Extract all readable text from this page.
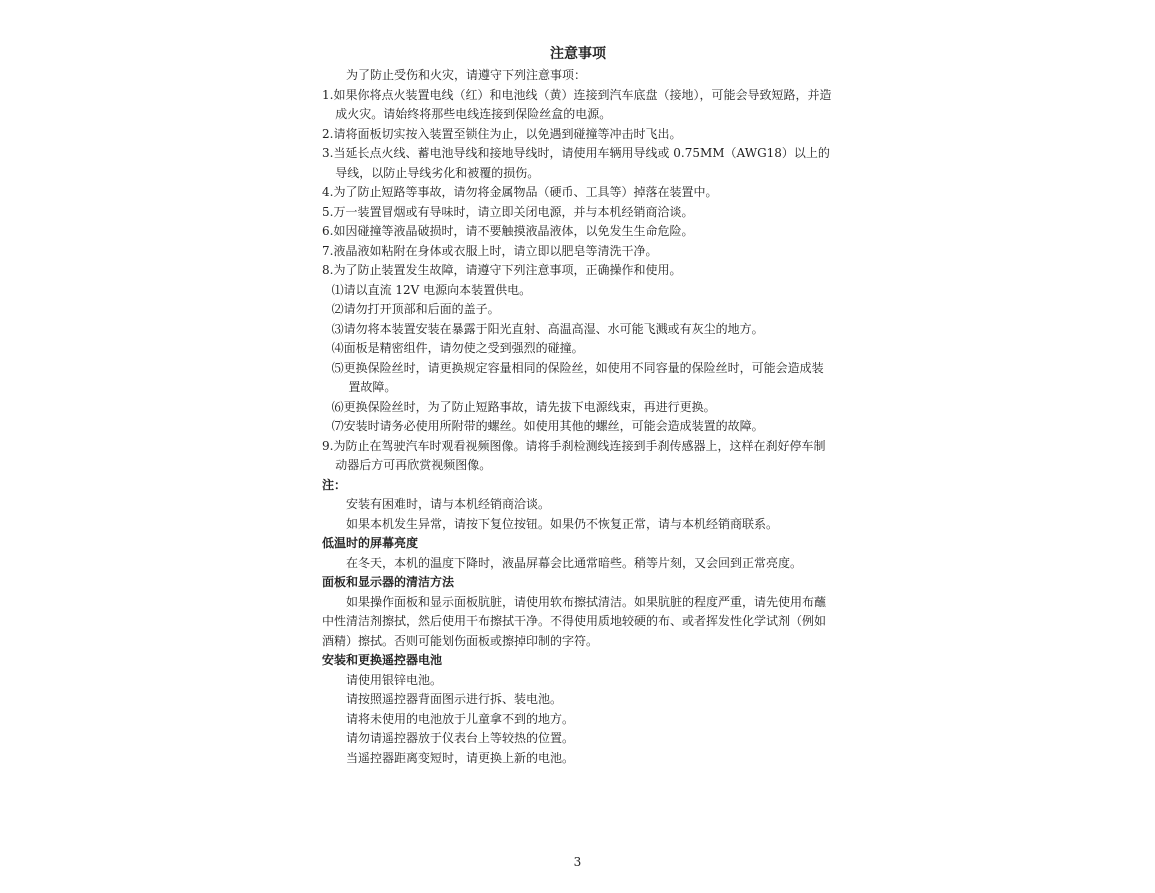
注意事项

为了防止受伤和火灾，请遵守下列注意事项：

1.如果你将点火装置电线（红）和电池线（黄）连接到汽车底盘（接地），可能会导致短路，并造成火灾。请始终将那些电线连接到保险丝盒的电源。

2.请将面板切实按入装置至锁住为止，以免遇到碰撞等冲击时飞出。

3.当延长点火线、蓄电池导线和接地导线时，请使用车辆用导线或 0.75MM（AWG18）以上的导线，以防止导线劣化和被覆的损伤。

4.为了防止短路等事故，请勿将金属物品（硬币、工具等）掉落在装置中。

5.万一装置冒烟或有导味时，请立即关闭电源，并与本机经销商洽谈。

6.如因碰撞等液晶破损时，请不要触摸液晶液体，以免发生生命危险。

7.液晶液如粘附在身体或衣服上时，请立即以肥皂等清洗干净。

8.为了防止装置发生故障，请遵守下列注意事项，正确操作和使用。

⑴请以直流 12V 电源向本装置供电。

⑵请勿打开顶部和后面的盖子。

⑶请勿将本装置安装在暴露于阳光直射、高温高湿、水可能飞溅或有灰尘的地方。

⑷面板是精密组件，请勿使之受到强烈的碰撞。

⑸更换保险丝时，请更换规定容量相同的保险丝，如使用不同容量的保险丝时，可能会造成装置故障。

⑹更换保险丝时，为了防止短路事故，请先拔下电源线束，再进行更换。

⑺安装时请务必使用所附带的螺丝。如使用其他的螺丝，可能会造成装置的故障。

9.为防止在驾驶汽车时观看视频图像。请将手刹检测线连接到手刹传感器上，这样在刹好停车制动器后方可再欣赏视频图像。

注：

安装有困难时，请与本机经销商洽谈。

如果本机发生异常，请按下复位按钮。如果仍不恢复正常，请与本机经销商联系。

低温时的屏幕亮度

在冬天，本机的温度下降时，液晶屏幕会比通常暗些。稍等片刻，又会回到正常亮度。

面板和显示器的清洁方法

如果操作面板和显示面板肮脏，请使用软布擦拭清洁。如果肮脏的程度严重，请先使用布蘸中性清洁剂擦拭，然后使用干布擦拭干净。不得使用质地较硬的布、或者挥发性化学试剂（例如酒精）擦拭。否则可能划伤面板或擦掉印制的字符。

安装和更换遥控器电池

请使用银锌电池。

请按照遥控器背面图示进行拆、装电池。

请将未使用的电池放于儿童拿不到的地方。

请勿请遥控器放于仪表台上等较热的位置。

当遥控器距离变短时，请更换上新的电池。

3
